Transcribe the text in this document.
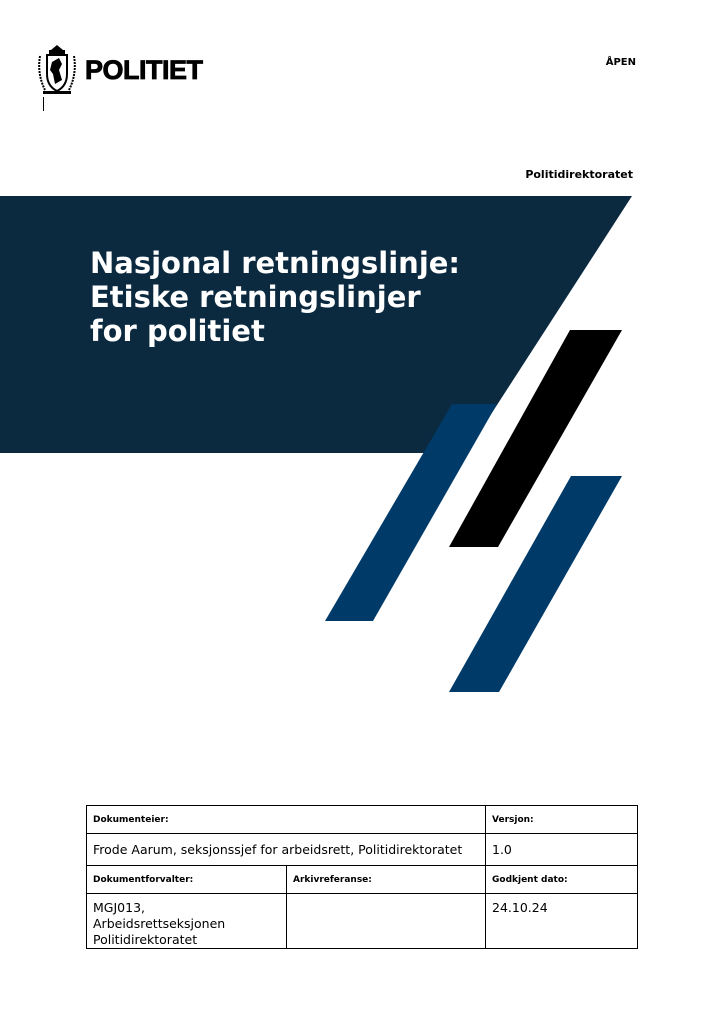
POLITIET	ÅPEN
Politidirektoratet
Nasjonal retningslinje:
Etiske retningslinjer
for politiet
Dokumenteier:		Versjon:
Frode Aarum, seksjonssjef for arbeidsrett, Politidirektoratet		1.0
Dokumentforvalter:	Arkivreferanse:	Godkjent dato:

MGJ013, Arbeidsrettseksjonen
Politidirektoratet		24.10.24
